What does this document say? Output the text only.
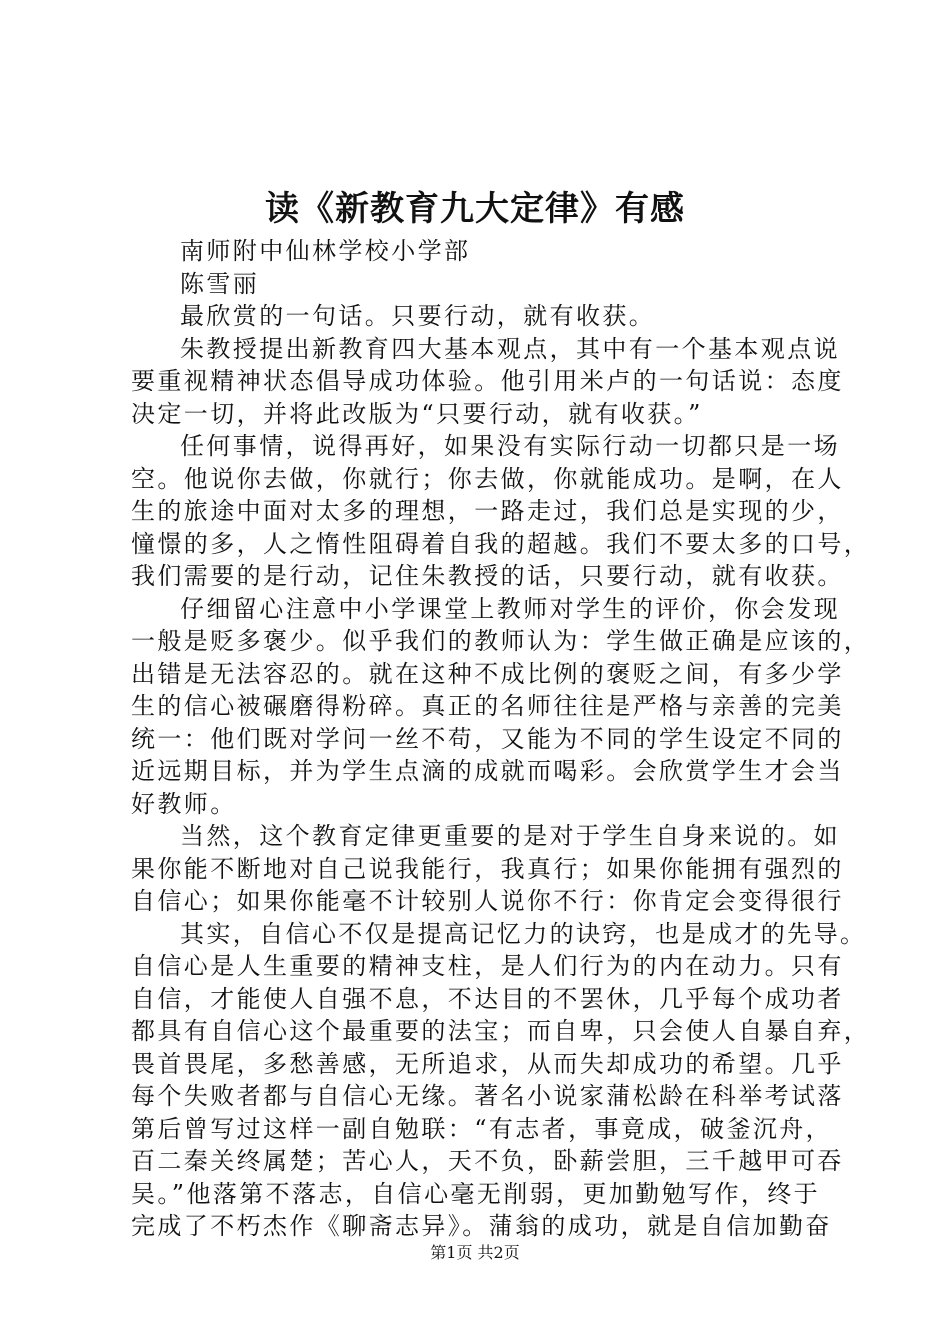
读《新教育九大定律》有感
南师附中仙林学校小学部
陈雪丽
最欣赏的一句话。只要行动，就有收获。
朱教授提出新教育四大基本观点，其中有一个基本观点说
要重视精神状态倡导成功体验。他引用米卢的一句话说：态度
决定一切，并将此改版为“只要行动，就有收获。”
任何事情，说得再好，如果没有实际行动一切都只是一场
空。他说你去做，你就行；你去做，你就能成功。是啊，在人
生的旅途中面对太多的理想，一路走过，我们总是实现的少，
憧憬的多，人之惰性阻碍着自我的超越。我们不要太多的口号，
我们需要的是行动，记住朱教授的话，只要行动，就有收获。
仔细留心注意中小学课堂上教师对学生的评价，你会发现
一般是贬多褒少。似乎我们的教师认为：学生做正确是应该的，
出错是无法容忍的。就在这种不成比例的褒贬之间，有多少学
生的信心被碾磨得粉碎。真正的名师往往是严格与亲善的完美
统一：他们既对学问一丝不苟，又能为不同的学生设定不同的
近远期目标，并为学生点滴的成就而喝彩。会欣赏学生才会当
好教师。
当然，这个教育定律更重要的是对于学生自身来说的。如
果你能不断地对自己说我能行，我真行；如果你能拥有强烈的
自信心；如果你能毫不计较别人说你不行：你肯定会变得很行
其实，自信心不仅是提高记忆力的诀窍，也是成才的先导。
自信心是人生重要的精神支柱，是人们行为的内在动力。只有
自信，才能使人自强不息，不达目的不罢休，几乎每个成功者
都具有自信心这个最重要的法宝；而自卑，只会使人自暴自弃，
畏首畏尾，多愁善感，无所追求，从而失却成功的希望。几乎
每个失败者都与自信心无缘。著名小说家蒲松龄在科举考试落
第后曾写过这样一副自勉联：“有志者，事竟成，破釜沉舟，
百二秦关终属楚；苦心人，天不负，卧薪尝胆，三千越甲可吞
吴。”他落第不落志，自信心毫无削弱，更加勤勉写作，终于
完成了不朽杰作《聊斋志异》。蒲翁的成功，就是自信加勤奋
第1页 共2页
